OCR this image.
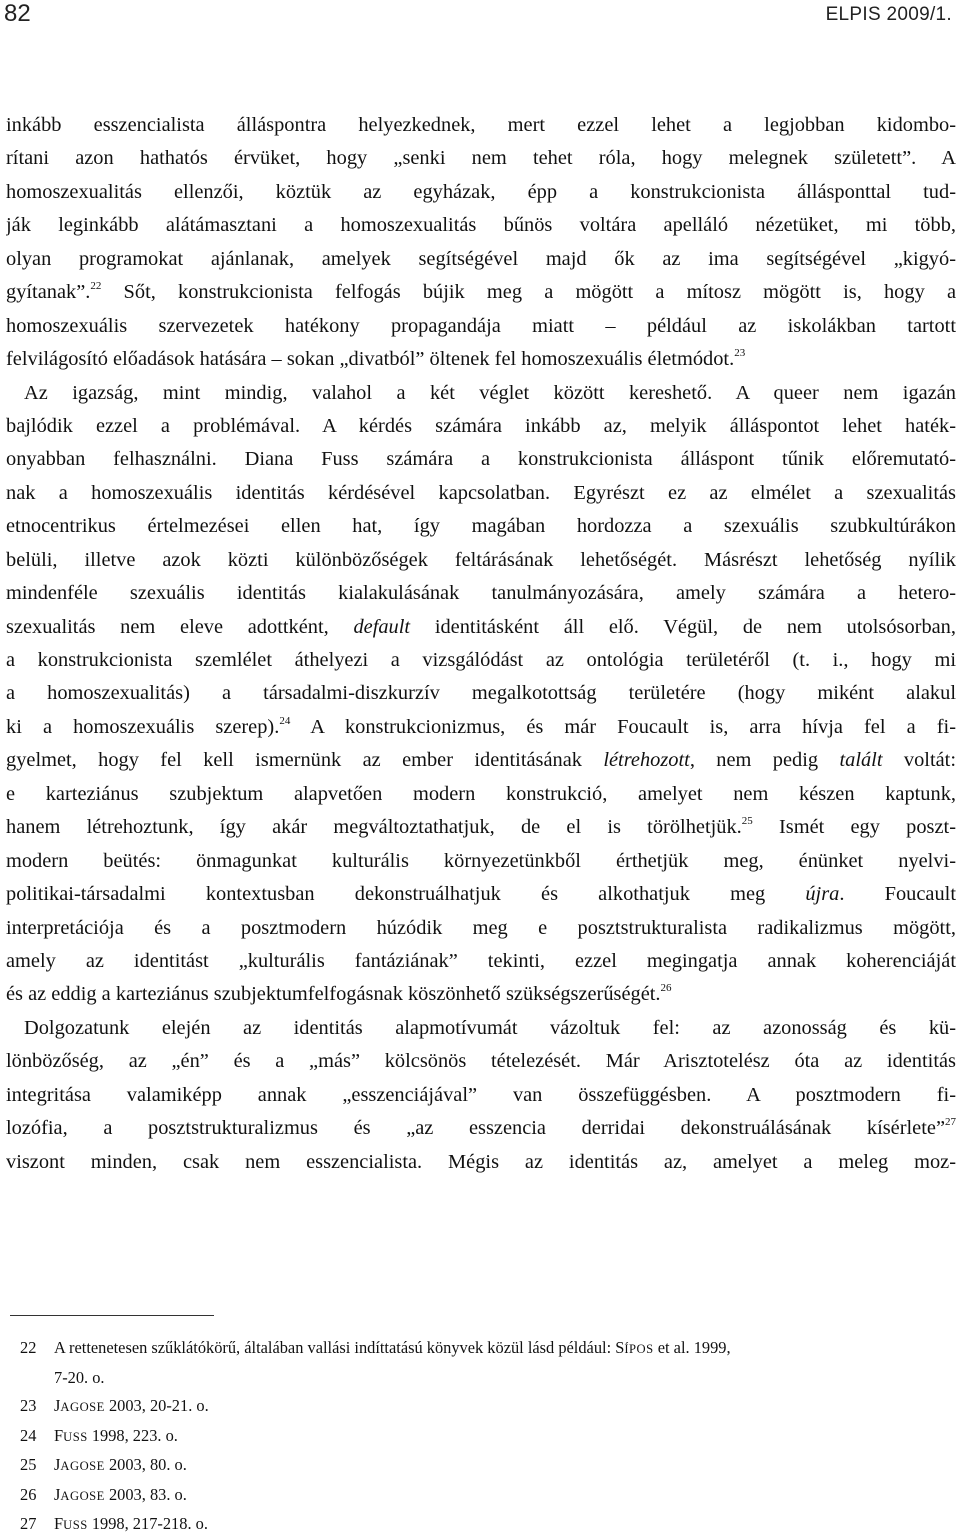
82	ELPIS 2009/1.
inkább esszencialista álláspontra helyezkednek, mert ezzel lehet a legjobban kidombo-
rítani azon hathatós érvüket, hogy „senki nem tehet róla, hogy melegnek született”. A
homoszexualitás ellenzői, köztük az egyházak, épp a konstrukcionista állásponttal tud-
ják leginkább alátámasztani a homoszexualitás bűnös voltára apelláló nézetüket, mi több,
olyan programokat ajánlanak, amelyek segítségével majd ők az ima segítségével „kigyó-
gyítanak”.$^{22}$ Sőt, konstrukcionista felfogás bújik meg a mögött a mítosz mögött is, hogy a
homoszexuális szervezetek hatékony propagandája miatt – például az iskolákban tartott
felvilágosító előadások hatására – sokan „divatból” öltenek fel homoszexuális életmódot.$^{23}$
Az igazság, mint mindig, valahol a két véglet között kereshető. A queer nem igazán
bajlódik ezzel a problémával. A kérdés számára inkább az, melyik álláspontot lehet haték-
onyabban felhasználni. Diana Fuss számára a konstrukcionista álláspont tűnik előremutató-
nak a homoszexuális identitás kérdésével kapcsolatban. Egyrészt ez az elmélet a szexualitás
etnocentrikus értelmezései ellen hat, így magában hordozza a szexuális szubkultúrákon
belüli, illetve azok közti különbözőségek feltárásának lehetőségét. Másrészt lehetőség nyílik
mindenféle szexuális identitás kialakulásának tanulmányozására, amely számára a hetero-
szexualitás nem eleve adottként, default identitásként áll elő. Végül, de nem utolsósorban,
a konstrukcionista szemlélet áthelyezi a vizsgálódást az ontológia területéről (t. i., hogy mi
a homoszexualitás) a társadalmi-diszkurzív megalkotottság területére (hogy miként alakul
ki a homoszexuális szerep).$^{24}$ A konstrukcionizmus, és már Foucault is, arra hívja fel a fi-
gyelmet, hogy fel kell ismernünk az ember identitásának létrehozott, nem pedig talált voltát:
e karteziánus szubjektum alapvetően modern konstrukció, amelyet nem készen kaptunk,
hanem létrehoztunk, így akár megváltoztathatjuk, de el is törölhetjük.$^{25}$ Ismét egy poszt-
modern beütés: önmagunkat kulturális környezetünkből érthetjük meg, énünket nyelvi-
politikai-társadalmi kontextusban dekonstruálhatjuk és alkothatjuk meg újra. Foucault
interpretációja és a posztmodern húzódik meg e posztstrukturalista radikalizmus mögött,
amely az identitást „kulturális fantáziának” tekinti, ezzel megingatja annak koherenciáját
és az eddig a karteziánus szubjektumfelfogásnak köszönhető szükségszerűségét.$^{26}$
Dolgozatunk elején az identitás alapmotívumát vázoltuk fel: az azonosság és kü-
lönbözőség, az „én” és a „más” kölcsönös tételezését. Már Arisztotelész óta az identitás
integritása valamiképp annak „esszenciájával” van összefüggésben. A posztmodern fi-
lozófia, a posztstrukturalizmus és „az esszencia derridai dekonstruálásának kísérlete”$^{27}$
viszont minden, csak nem esszencialista. Mégis az identitás az, amelyet a meleg moz-
22 A rettenetesen szűklátókörű, általában vallási indíttatású könyvek közül lásd például: SÍPOS et al. 1999,
7-20. o.
23 JAGOSE 2003, 20-21. o.
24 FUSS 1998, 223. o.
25 JAGOSE 2003, 80. o.
26 JAGOSE 2003, 83. o.
27 FUSS 1998, 217-218. o.
